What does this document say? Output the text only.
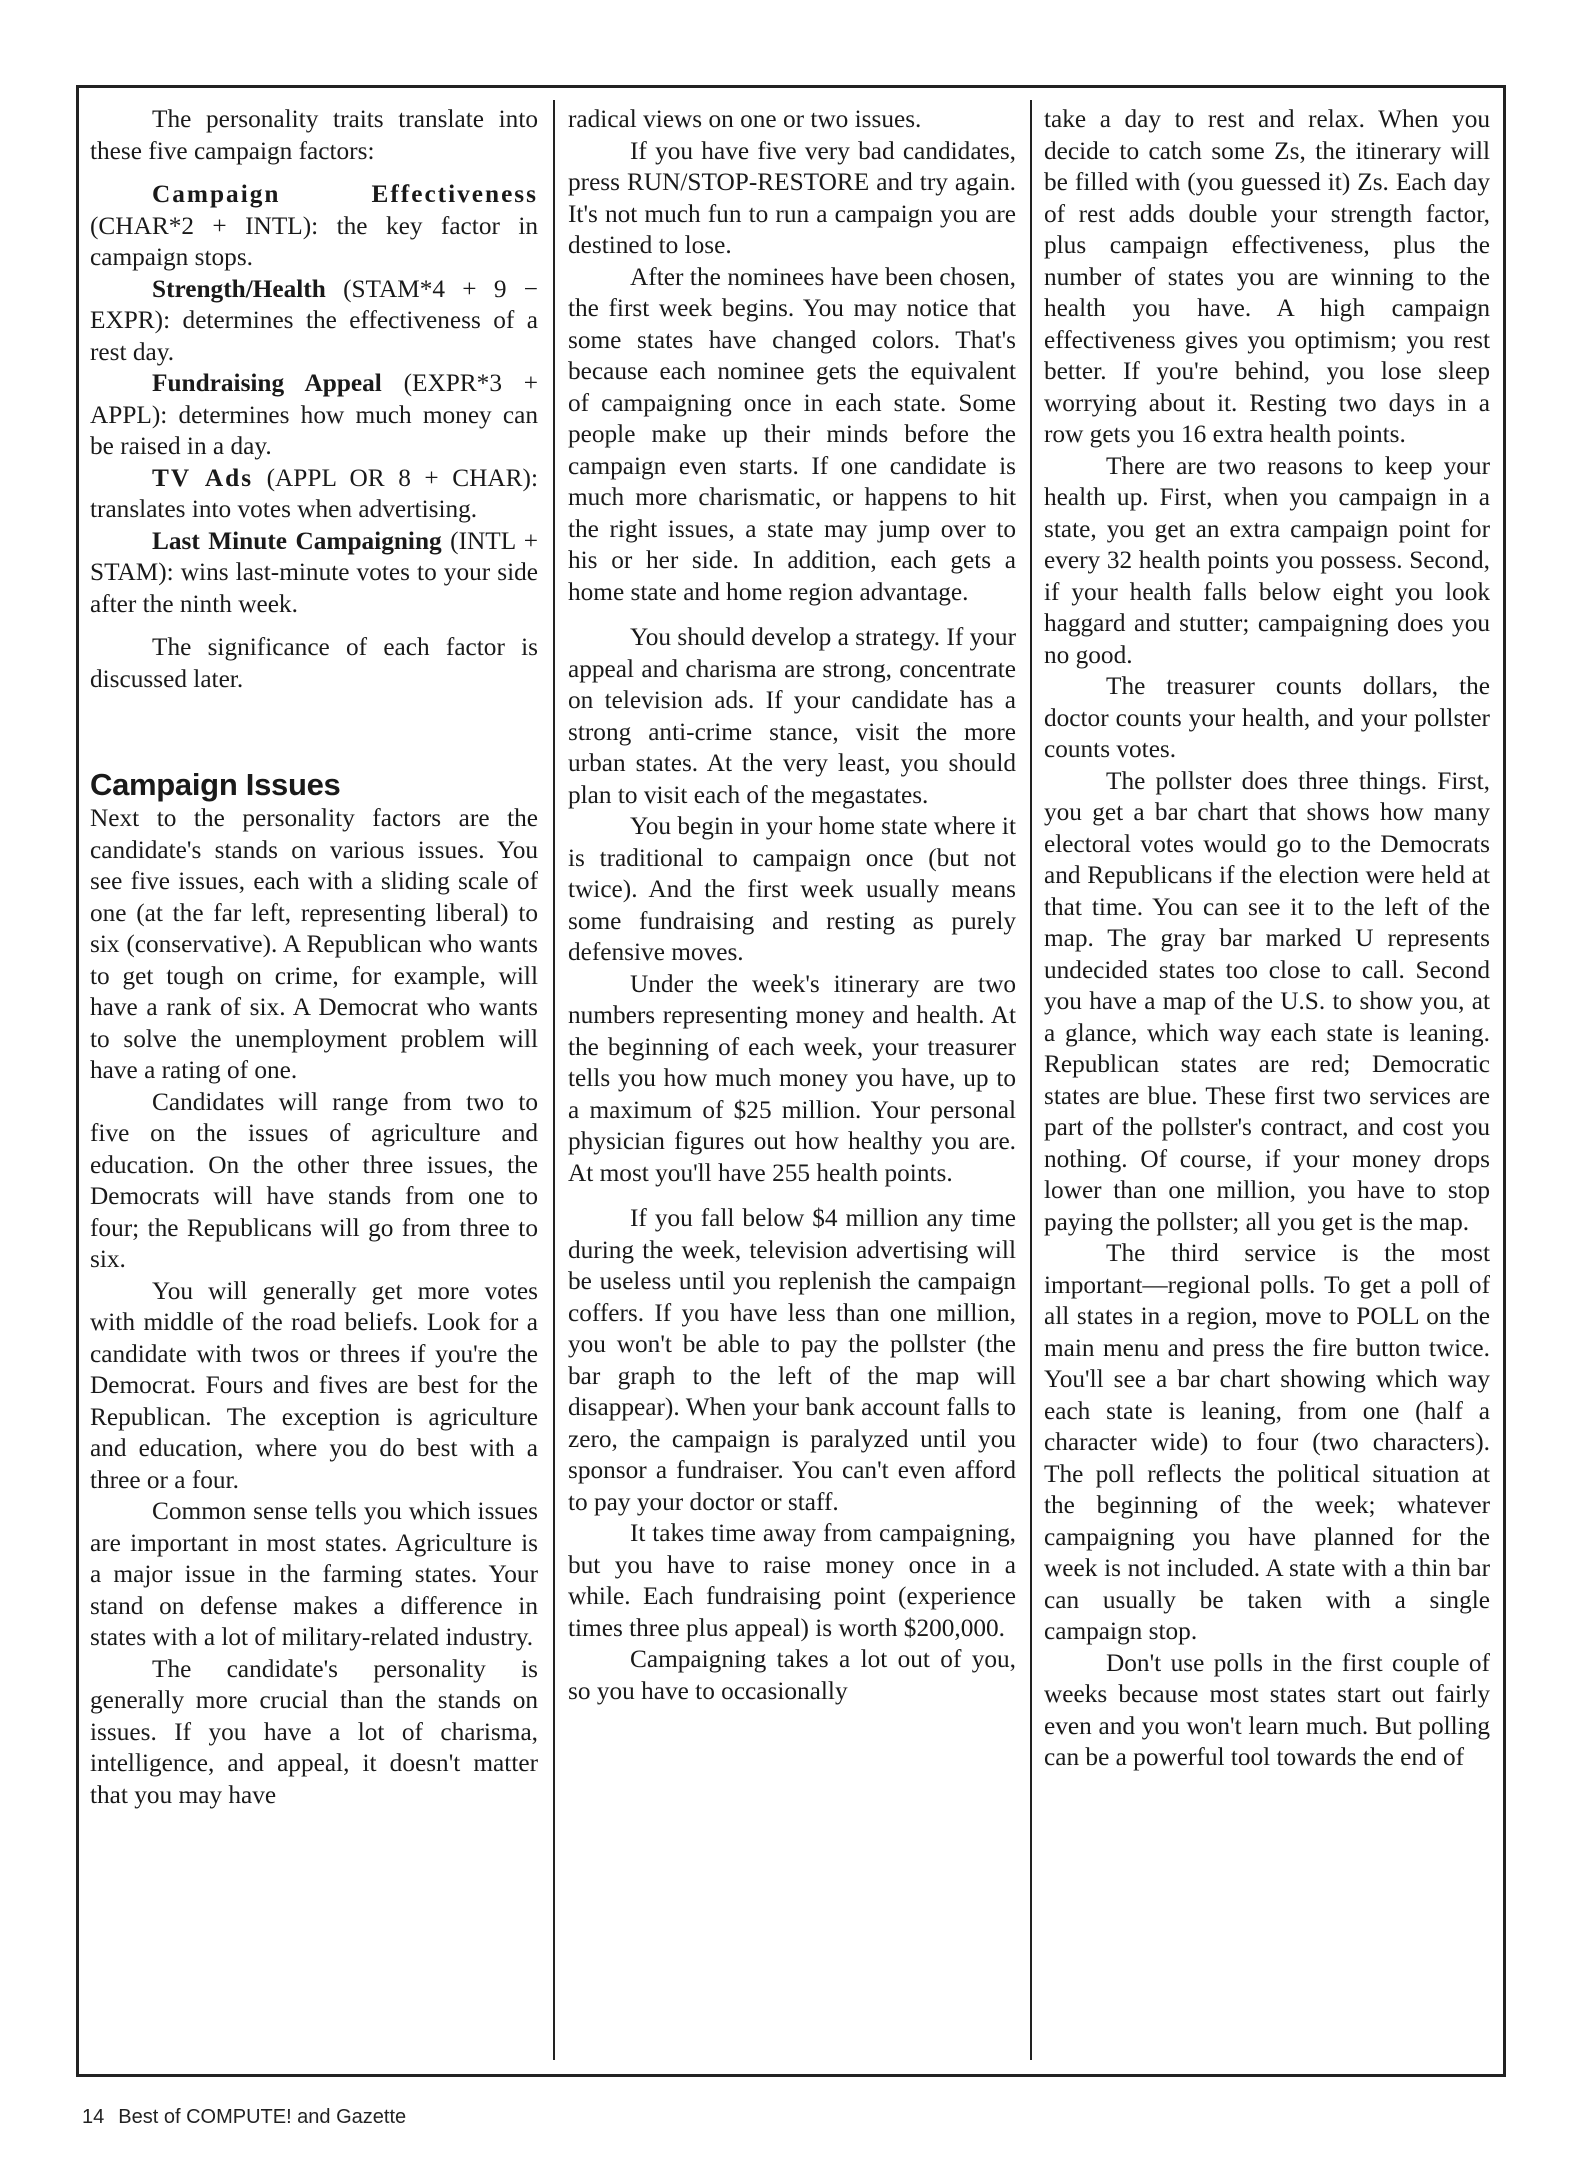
The personality traits translate into these five campaign factors:

Campaign Effectiveness (CHAR*2 + INTL): the key factor in campaign stops.

Strength/Health (STAM*4 + 9 − EXPR): determines the effectiveness of a rest day.

Fundraising Appeal (EXPR*3 + APPL): determines how much money can be raised in a day.

TV Ads (APPL OR 8 + CHAR): translates into votes when advertising.

Last Minute Campaigning (INTL + STAM): wins last-minute votes to your side after the ninth week.

The significance of each factor is discussed later.

Campaign Issues

Next to the personality factors are the candidate's stands on various issues. You see five issues, each with a sliding scale of one (at the far left, representing liberal) to six (conservative). A Republican who wants to get tough on crime, for example, will have a rank of six. A Democrat who wants to solve the unemployment problem will have a rating of one.

Candidates will range from two to five on the issues of agriculture and education. On the other three issues, the Democrats will have stands from one to four; the Republicans will go from three to six.

You will generally get more votes with middle of the road beliefs. Look for a candidate with twos or threes if you're the Democrat. Fours and fives are best for the Republican. The exception is agriculture and education, where you do best with a three or a four.

Common sense tells you which issues are important in most states. Agriculture is a major issue in the farming states. Your stand on defense makes a difference in states with a lot of military-related industry.

The candidate's personality is generally more crucial than the stands on issues. If you have a lot of charisma, intelligence, and appeal, it doesn't matter that you may have

radical views on one or two issues.

If you have five very bad candidates, press RUN/STOP-RESTORE and try again. It's not much fun to run a campaign you are destined to lose.

After the nominees have been chosen, the first week begins. You may notice that some states have changed colors. That's because each nominee gets the equivalent of campaigning once in each state. Some people make up their minds before the campaign even starts. If one candidate is much more charismatic, or happens to hit the right issues, a state may jump over to his or her side. In addition, each gets a home state and home region advantage.

You should develop a strategy. If your appeal and charisma are strong, concentrate on television ads. If your candidate has a strong anti-crime stance, visit the more urban states. At the very least, you should plan to visit each of the megastates.

You begin in your home state where it is traditional to campaign once (but not twice). And the first week usually means some fundraising and resting as purely defensive moves.

Under the week's itinerary are two numbers representing money and health. At the beginning of each week, your treasurer tells you how much money you have, up to a maximum of $25 million. Your personal physician figures out how healthy you are. At most you'll have 255 health points.

If you fall below $4 million any time during the week, television advertising will be useless until you replenish the campaign coffers. If you have less than one million, you won't be able to pay the pollster (the bar graph to the left of the map will disappear). When your bank account falls to zero, the campaign is paralyzed until you sponsor a fundraiser. You can't even afford to pay your doctor or staff.

It takes time away from campaigning, but you have to raise money once in a while. Each fundraising point (experience times three plus appeal) is worth $200,000.

Campaigning takes a lot out of you, so you have to occasionally

take a day to rest and relax. When you decide to catch some Zs, the itinerary will be filled with (you guessed it) Zs. Each day of rest adds double your strength factor, plus campaign effectiveness, plus the number of states you are winning to the health you have. A high campaign effectiveness gives you optimism; you rest better. If you're behind, you lose sleep worrying about it. Resting two days in a row gets you 16 extra health points.

There are two reasons to keep your health up. First, when you campaign in a state, you get an extra campaign point for every 32 health points you possess. Second, if your health falls below eight you look haggard and stutter; campaigning does you no good.

The treasurer counts dollars, the doctor counts your health, and your pollster counts votes.

The pollster does three things. First, you get a bar chart that shows how many electoral votes would go to the Democrats and Republicans if the election were held at that time. You can see it to the left of the map. The gray bar marked U represents undecided states too close to call. Second you have a map of the U.S. to show you, at a glance, which way each state is leaning. Republican states are red; Democratic states are blue. These first two services are part of the pollster's contract, and cost you nothing. Of course, if your money drops lower than one million, you have to stop paying the pollster; all you get is the map.

The third service is the most important—regional polls. To get a poll of all states in a region, move to POLL on the main menu and press the fire button twice. You'll see a bar chart showing which way each state is leaning, from one (half a character wide) to four (two characters). The poll reflects the political situation at the beginning of the week; whatever campaigning you have planned for the week is not included. A state with a thin bar can usually be taken with a single campaign stop.

Don't use polls in the first couple of weeks because most states start out fairly even and you won't learn much. But polling can be a powerful tool towards the end of

14 Best of COMPUTE! and Gazette
